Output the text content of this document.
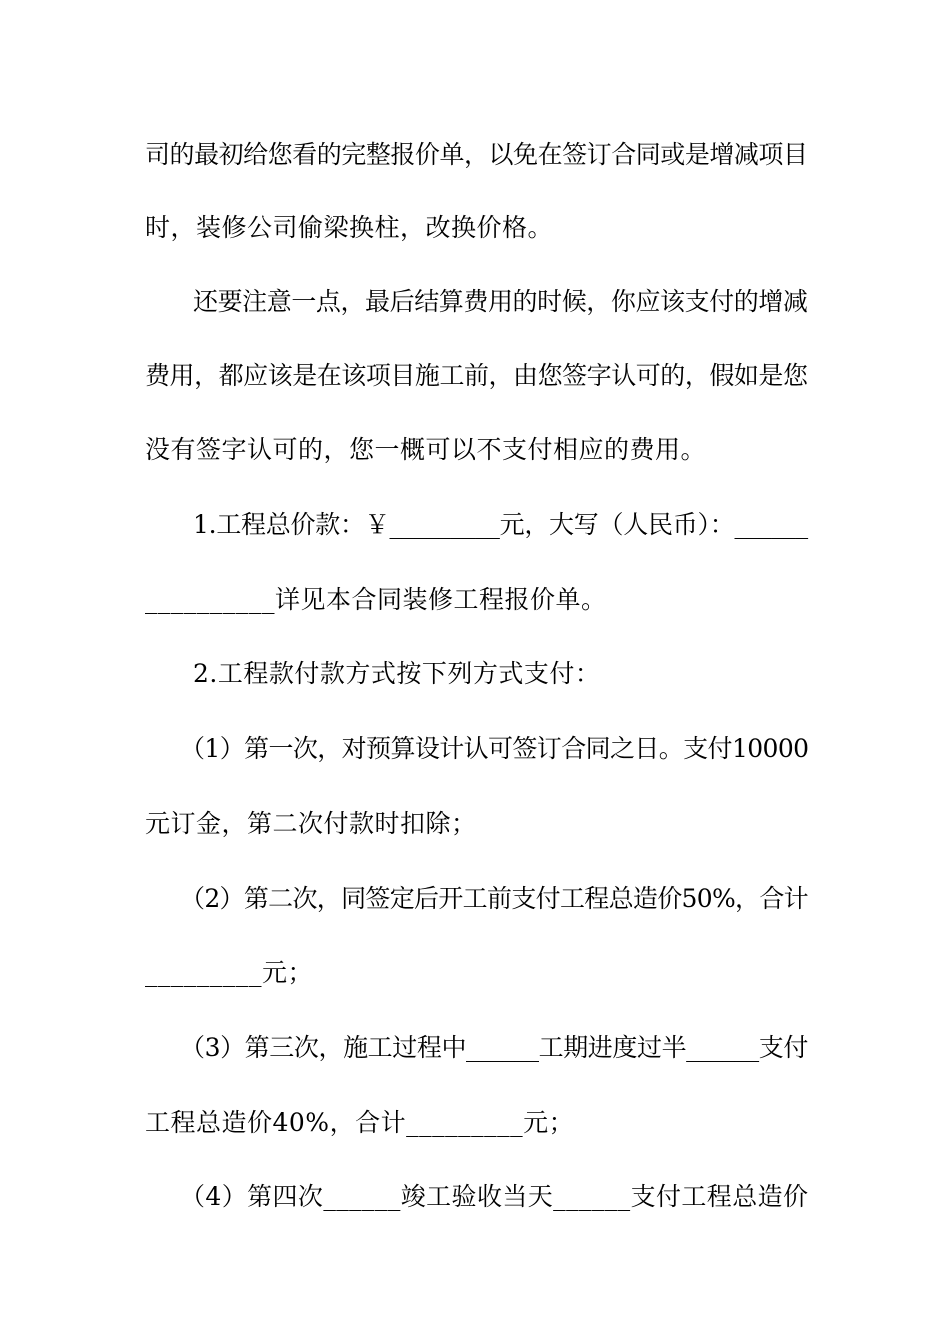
司的最初给您看的完整报价单，以免在签订合同或是增减项目
时，装修公司偷梁换柱，改换价格。
还要注意一点，最后结算费用的时候，你应该支付的增减
费用，都应该是在该项目施工前，由您签字认可的，假如是您
没有签字认可的，您一概可以不支付相应的费用。
1.工程总价款：￥_________元，大写（人民币）：______
__________详见本合同装修工程报价单。
2.工程款付款方式按下列方式支付：
（1）第一次，对预算设计认可签订合同之日。支付10000
元订金，第二次付款时扣除；
（2）第二次，同签定后开工前支付工程总造价50%，合计
_________元；
（3）第三次，施工过程中______工期进度过半______支付
工程总造价40%，合计_________元；
（4）第四次______竣工验收当天______支付工程总造价
